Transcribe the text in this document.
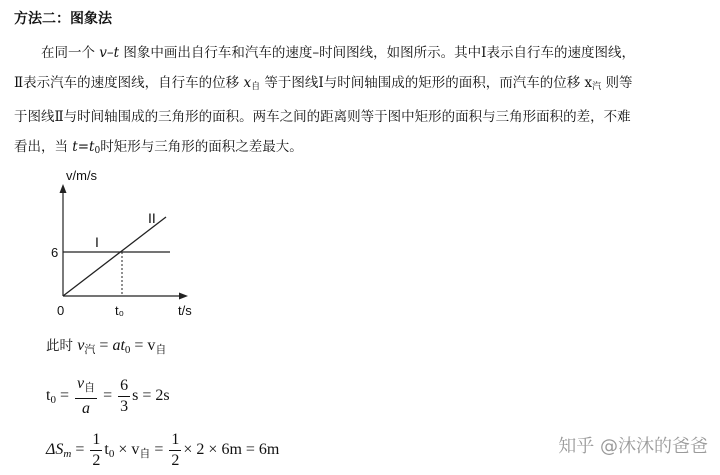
方法二：图象法

在同一个 v–t 图象中画出自行车和汽车的速度–时间图线，如图所示。其中Ⅰ表示自行车的速度图线，

Ⅱ表示汽车的速度图线，自行车的位移 $x_自$ 等于图线Ⅰ与时间轴围成的矩形的面积，而汽车的位移 $x_汽$ 则等

于图线Ⅱ与时间轴围成的三角形的面积。两车之间的距离则等于图中矩形的面积与三角形面积的差，不难

看出，当 $t=t_0$时矩形与三角形的面积之差最大。

v/m/s
t/s
0
6
t₀
I
II
此时 v汽 = at0 = v自
$t0 = \frac{\text{v自}}{a} = \frac{6}{3}$ s = 2s
$\Delta Sm = \frac{1}{2} t0 \times v$自 = $\frac{1}{2} \times 2 \times 6m = 6m$	知乎 @沐沐的爸爸
